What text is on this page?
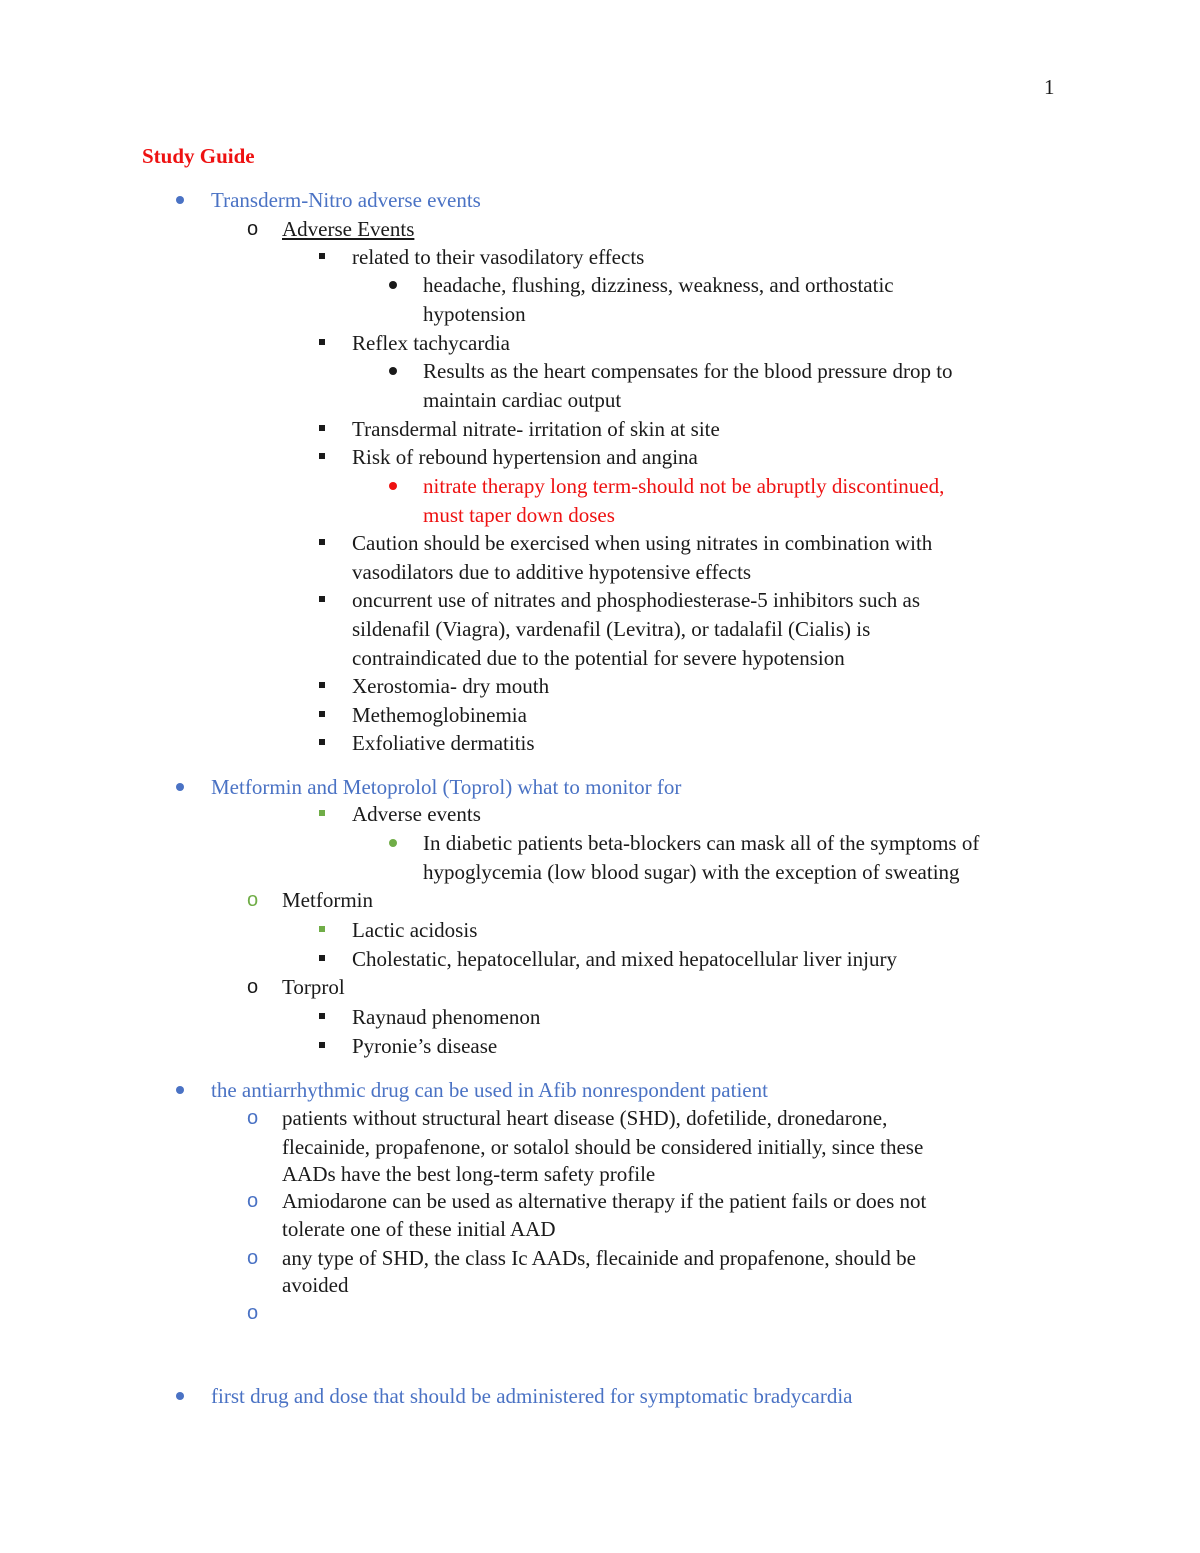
1
Study Guide
Transderm-Nitro adverse events
o Adverse Events
related to their vasodilatory effects
headache, flushing, dizziness, weakness, and orthostatic
hypotension
Reflex tachycardia
Results as the heart compensates for the blood pressure drop to
maintain cardiac output
Transdermal nitrate- irritation of skin at site
Risk of rebound hypertension and angina
nitrate therapy long term-should not be abruptly discontinued,
must taper down doses
Caution should be exercised when using nitrates in combination with
vasodilators due to additive hypotensive effects
oncurrent use of nitrates and phosphodiesterase-5 inhibitors such as
sildenafil (Viagra), vardenafil (Levitra), or tadalafil (Cialis) is
contraindicated due to the potential for severe hypotension
Xerostomia- dry mouth
Methemoglobinemia
Exfoliative dermatitis
Metformin and Metoprolol (Toprol) what to monitor for
Adverse events
In diabetic patients beta-blockers can mask all of the symptoms of
hypoglycemia (low blood sugar) with the exception of sweating
o Metformin
Lactic acidosis
Cholestatic, hepatocellular, and mixed hepatocellular liver injury
o Torprol
Raynaud phenomenon
Pyronie’s disease
the antiarrhythmic drug can be used in Afib nonrespondent patient
o patients without structural heart disease (SHD), dofetilide, dronedarone,
flecainide, propafenone, or sotalol should be considered initially, since these
AADs have the best long-term safety profile
o Amiodarone can be used as alternative therapy if the patient fails or does not
tolerate one of these initial AAD
o any type of SHD, the class Ic AADs, flecainide and propafenone, should be
avoided
o
first drug and dose that should be administered for symptomatic bradycardia
